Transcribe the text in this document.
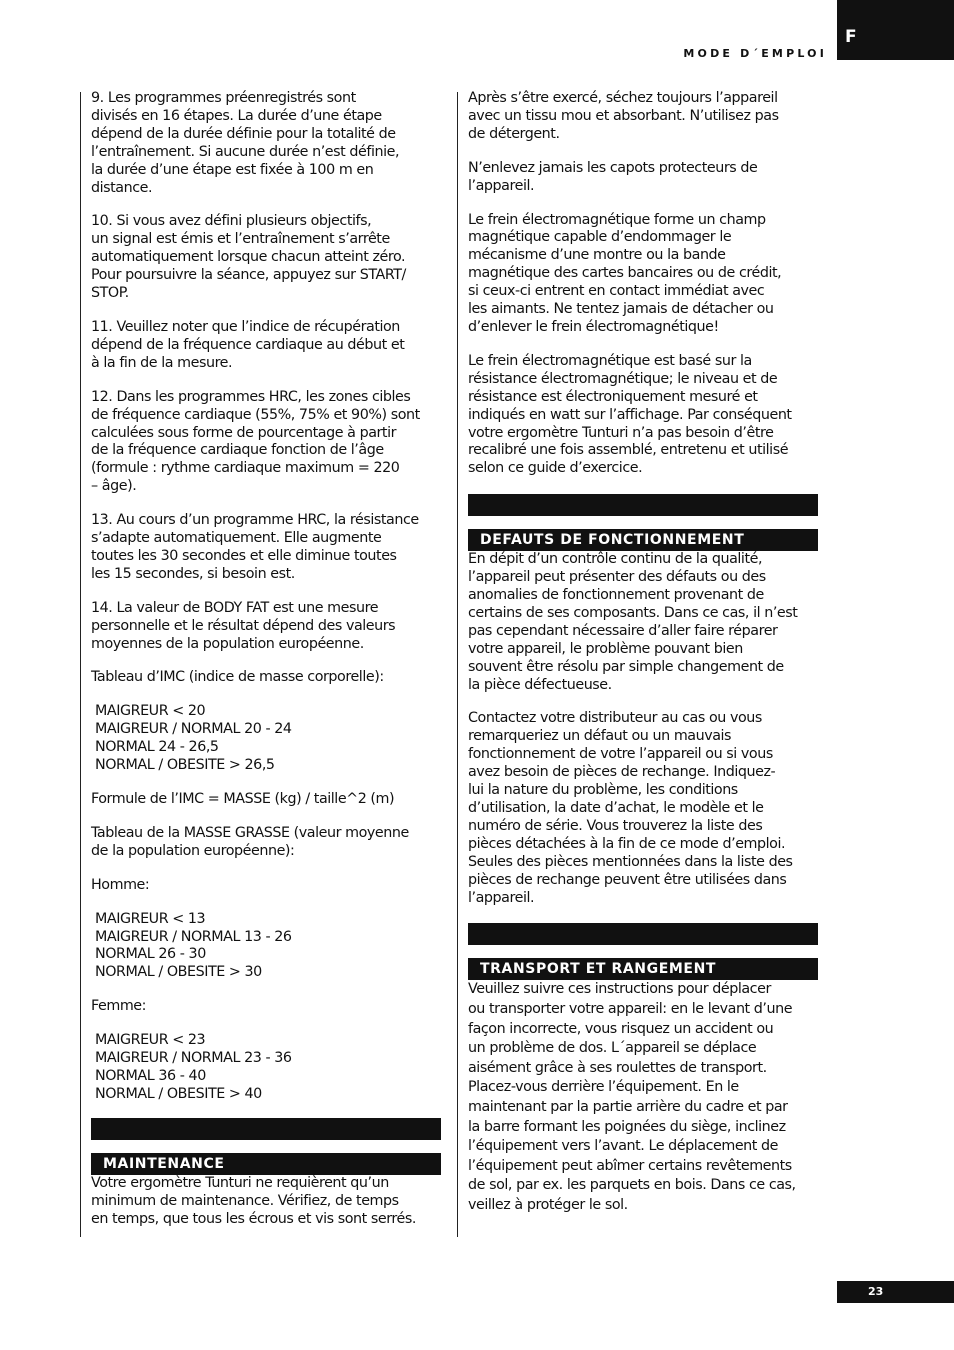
MODE D´EMPLOI
F

9. Les programmes préenregistrés sont
divisés en 16 étapes. La durée d’une étape
dépend de la durée définie pour la totalité de
l’entraînement. Si aucune durée n’est définie,
la durée d’une étape est fixée à 100 m en
distance.

10. Si vous avez défini plusieurs objectifs,
un signal est émis et l’entraînement s’arrête
automatiquement lorsque chacun atteint zéro.
Pour poursuivre la séance, appuyez sur START/
STOP.

11. Veuillez noter que l’indice de récupération
dépend de la fréquence cardiaque au début et
à la fin de la mesure.

12. Dans les programmes HRC, les zones cibles
de fréquence cardiaque (55%, 75% et 90%) sont
calculées sous forme de pourcentage à partir
de la fréquence cardiaque fonction de l’âge
(formule : rythme cardiaque maximum = 220
– âge).

13. Au cours d’un programme HRC, la résistance
s’adapte automatiquement. Elle augmente
toutes les 30 secondes et elle diminue toutes
les 15 secondes, si besoin est.

14. La valeur de BODY FAT est une mesure
personnelle et le résultat dépend des valeurs
moyennes de la population européenne.

Tableau d’IMC (indice de masse corporelle):

MAIGREUR < 20
MAIGREUR / NORMAL 20 - 24
NORMAL 24 - 26,5
NORMAL / OBESITE > 26,5

Formule de l’IMC = MASSE (kg) / taille^2 (m)

Tableau de la MASSE GRASSE (valeur moyenne
de la population européenne):

Homme:

MAIGREUR < 13
MAIGREUR / NORMAL 13 - 26
NORMAL 26 - 30
NORMAL / OBESITE > 30

Femme:

MAIGREUR < 23
MAIGREUR / NORMAL 23 - 36
NORMAL 36 - 40
NORMAL / OBESITE > 40

MAINTENANCE

Votre ergomètre Tunturi ne requièrent qu’un
minimum de maintenance. Vérifiez, de temps
en temps, que tous les écrous et vis sont serrés.

Après s’être exercé, séchez toujours l’appareil
avec un tissu mou et absorbant. N’utilisez pas
de détergent.

N’enlevez jamais les capots protecteurs de
l’appareil.

Le frein électromagnétique forme un champ
magnétique capable d’endommager le
mécanisme d’une montre ou la bande
magnétique des cartes bancaires ou de crédit,
si ceux-ci entrent en contact immédiat avec
les aimants. Ne tentez jamais de détacher ou
d’enlever le frein électromagnétique!

Le frein électromagnétique est basé sur la
résistance électromagnétique; le niveau et de
résistance est électroniquement mesuré et
indiqués en watt sur l’affichage. Par conséquent
votre ergomètre Tunturi n’a pas besoin d’être
recalibré une fois assemblé, entretenu et utilisé
selon ce guide d’exercice.

DEFAUTS DE FONCTIONNEMENT

En dépit d’un contrôle continu de la qualité,
l’appareil peut présenter des défauts ou des
anomalies de fonctionnement provenant de
certains de ses composants. Dans ce cas, il n’est
pas cependant nécessaire d’aller faire réparer
votre appareil, le problème pouvant bien
souvent être résolu par simple changement de
la pièce défectueuse.

Contactez votre distributeur au cas ou vous
remarqueriez un défaut ou un mauvais
fonctionnement de votre l’appareil ou si vous
avez besoin de pièces de rechange. Indiquez-
lui la nature du problème, les conditions
d’utilisation, la date d’achat, le modèle et le
numéro de série. Vous trouverez la liste des
pièces détachées à la fin de ce mode d’emploi.
Seules des pièces mentionnées dans la liste des
pièces de rechange peuvent être utilisées dans
l’appareil.

TRANSPORT ET RANGEMENT

Veuillez suivre ces instructions pour déplacer
ou transporter votre appareil: en le levant d’une
façon incorrecte, vous risquez un accident ou
un problème de dos. L´appareil se déplace
aisément grâce à ses roulettes de transport.
Placez-vous derrière l’équipement. En le
maintenant par la partie arrière du cadre et par
la barre formant les poignées du siège, inclinez
l’équipement vers l’avant. Le déplacement de
l’équipement peut abîmer certains revêtements
de sol, par ex. les parquets en bois. Dans ce cas,
veillez à protéger le sol.

23
